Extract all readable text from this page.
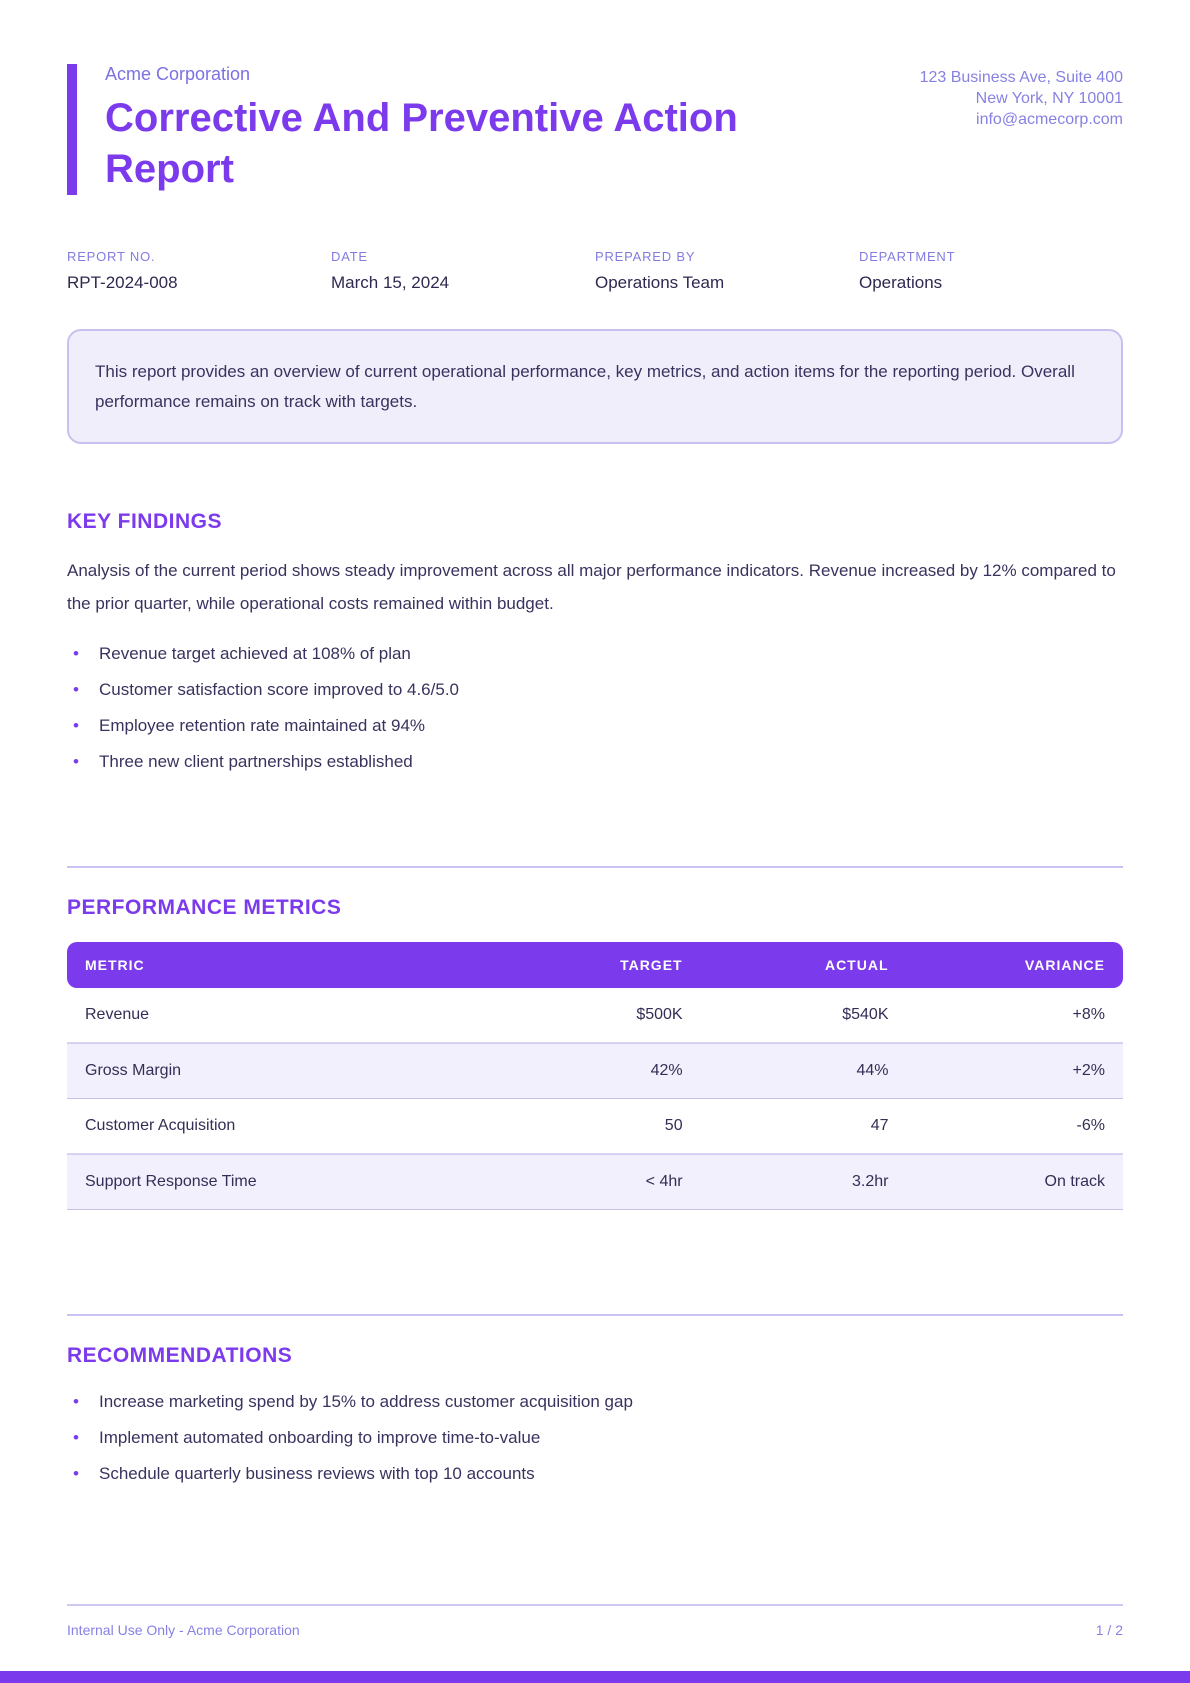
Acme Corporation
Corrective And Preventive Action Report
123 Business Ave, Suite 400
New York, NY 10001
info@acmecorp.com
REPORT NO.
RPT-2024-008
DATE
March 15, 2024
PREPARED BY
Operations Team
DEPARTMENT
Operations
This report provides an overview of current operational performance, key metrics, and action items for the reporting period. Overall performance remains on track with targets.
KEY FINDINGS
Analysis of the current period shows steady improvement across all major performance indicators. Revenue increased by 12% compared to the prior quarter, while operational costs remained within budget.
•	Revenue target achieved at 108% of plan
•	Customer satisfaction score improved to 4.6/5.0
•	Employee retention rate maintained at 94%
•	Three new client partnerships established
PERFORMANCE METRICS
METRIC	TARGET	ACTUAL	VARIANCE
Revenue	$500K	$540K	+8%
Gross Margin	42%	44%	+2%
Customer Acquisition	50	47	-6%
Support Response Time	< 4hr	3.2hr	On track
RECOMMENDATIONS
•	Increase marketing spend by 15% to address customer acquisition gap
•	Implement automated onboarding to improve time-to-value
•	Schedule quarterly business reviews with top 10 accounts
Internal Use Only - Acme Corporation	1 / 2
